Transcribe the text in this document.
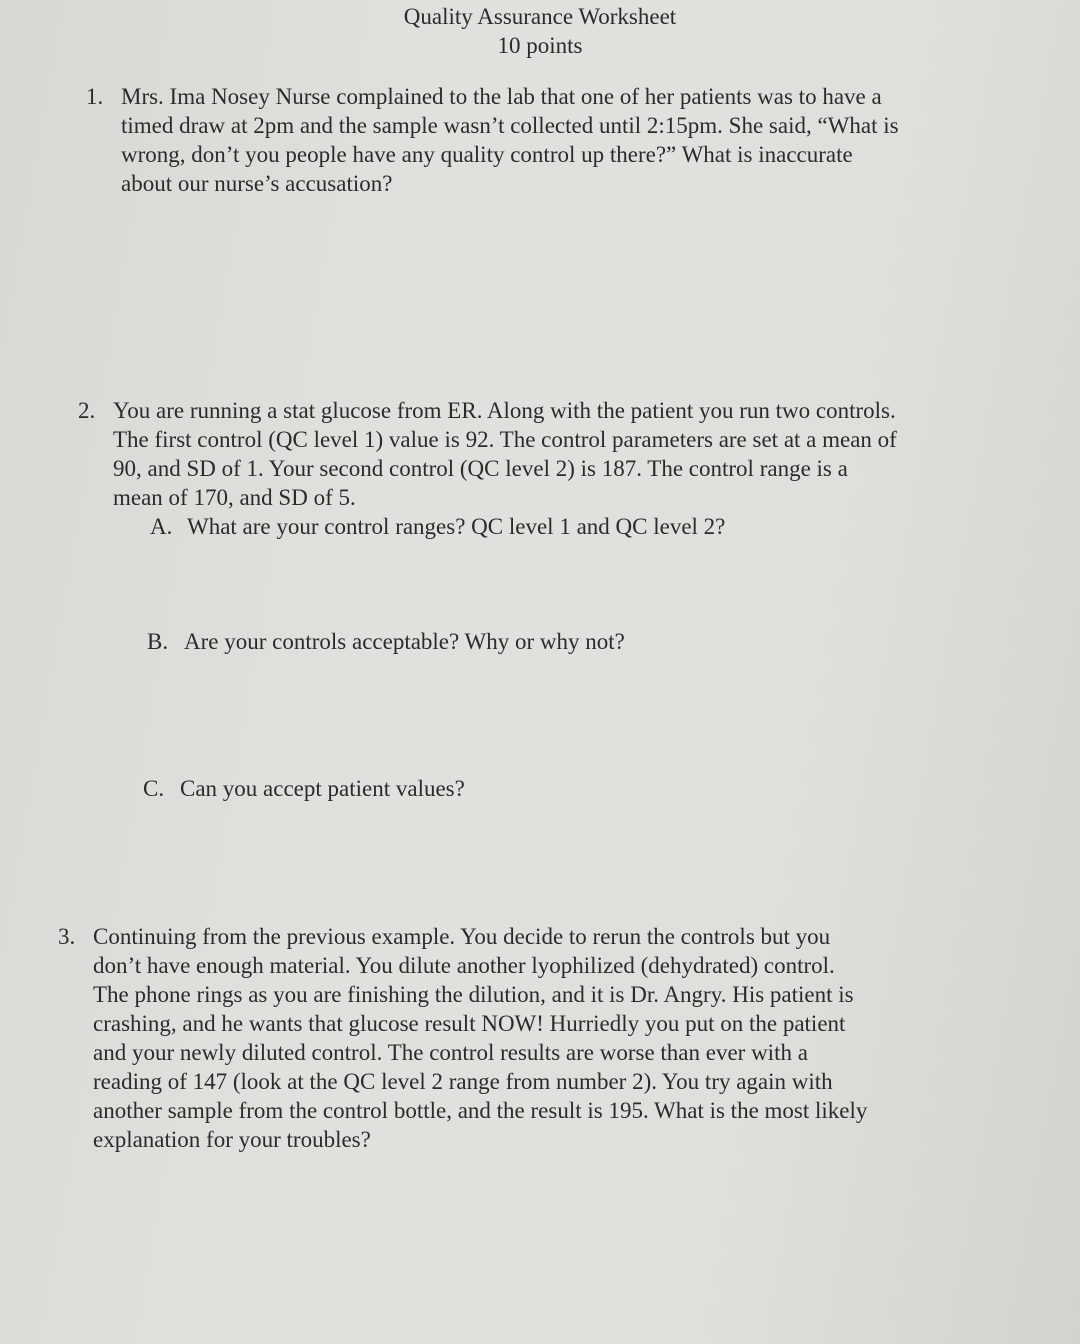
Quality Assurance Worksheet
10 points
1. Mrs. Ima Nosey Nurse complained to the lab that one of her patients was to have a
timed draw at 2pm and the sample wasn’t collected until 2:15pm. She said, “What is
wrong, don’t you people have any quality control up there?” What is inaccurate
about our nurse’s accusation?
2. You are running a stat glucose from ER. Along with the patient you run two controls.
The first control (QC level 1) value is 92. The control parameters are set at a mean of
90, and SD of 1. Your second control (QC level 2) is 187. The control range is a
mean of 170, and SD of 5.
A. What are your control ranges? QC level 1 and QC level 2?
B. Are your controls acceptable? Why or why not?
C. Can you accept patient values?
3. Continuing from the previous example. You decide to rerun the controls but you
don’t have enough material. You dilute another lyophilized (dehydrated) control.
The phone rings as you are finishing the dilution, and it is Dr. Angry. His patient is
crashing, and he wants that glucose result NOW! Hurriedly you put on the patient
and your newly diluted control. The control results are worse than ever with a
reading of 147 (look at the QC level 2 range from number 2). You try again with
another sample from the control bottle, and the result is 195. What is the most likely
explanation for your troubles?
